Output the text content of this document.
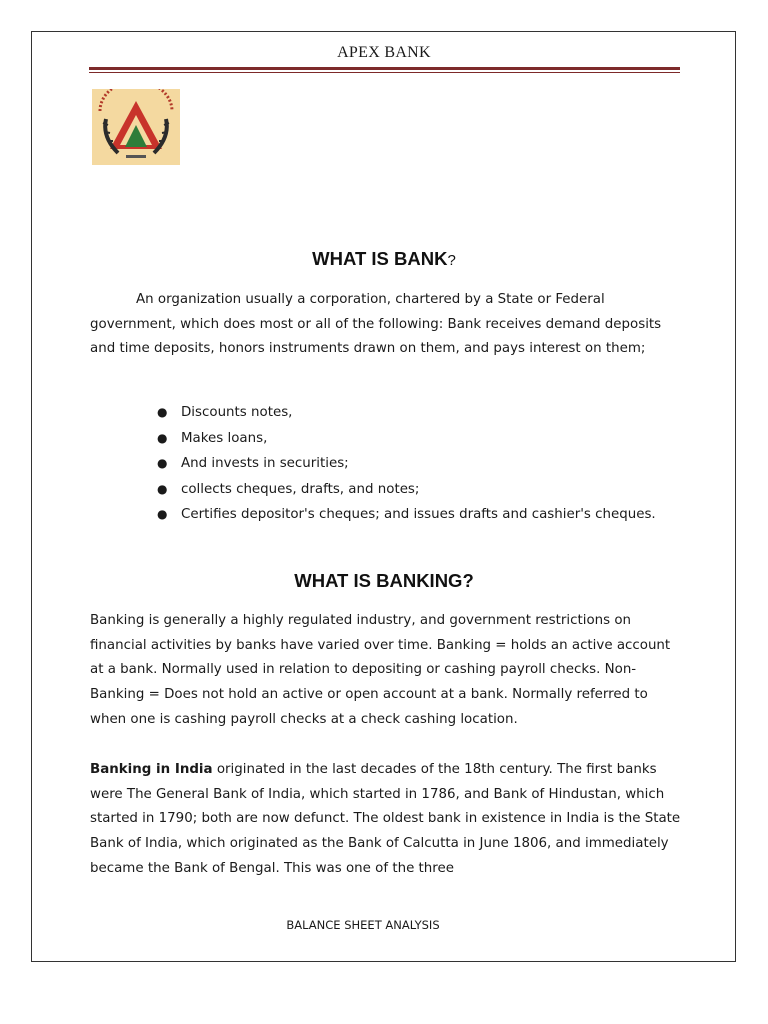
APEX BANK
WHAT IS BANK?
An organization usually a corporation, chartered by a State or Federal government, which does most or all of the following: Bank receives demand deposits and time deposits, honors instruments drawn on them, and pays interest on them;
● Discounts notes,
● Makes loans,
● And invests in securities;
● collects cheques, drafts, and notes;
● Certifies depositor's cheques; and issues drafts and cashier's cheques.
WHAT IS BANKING?
Banking is generally a highly regulated industry, and government restrictions on financial activities by banks have varied over time. Banking = holds an active account at a bank. Normally used in relation to depositing or cashing payroll checks. Non-Banking = Does not hold an active or open account at a bank. Normally referred to when one is cashing payroll checks at a check cashing location.
Banking in India originated in the last decades of the 18th century. The first banks were The General Bank of India, which started in 1786, and Bank of Hindustan, which started in 1790; both are now defunct. The oldest bank in existence in India is the State Bank of India, which originated as the Bank of Calcutta in June 1806, and immediately became the Bank of Bengal. This was one of the three
BALANCE SHEET ANALYSIS
